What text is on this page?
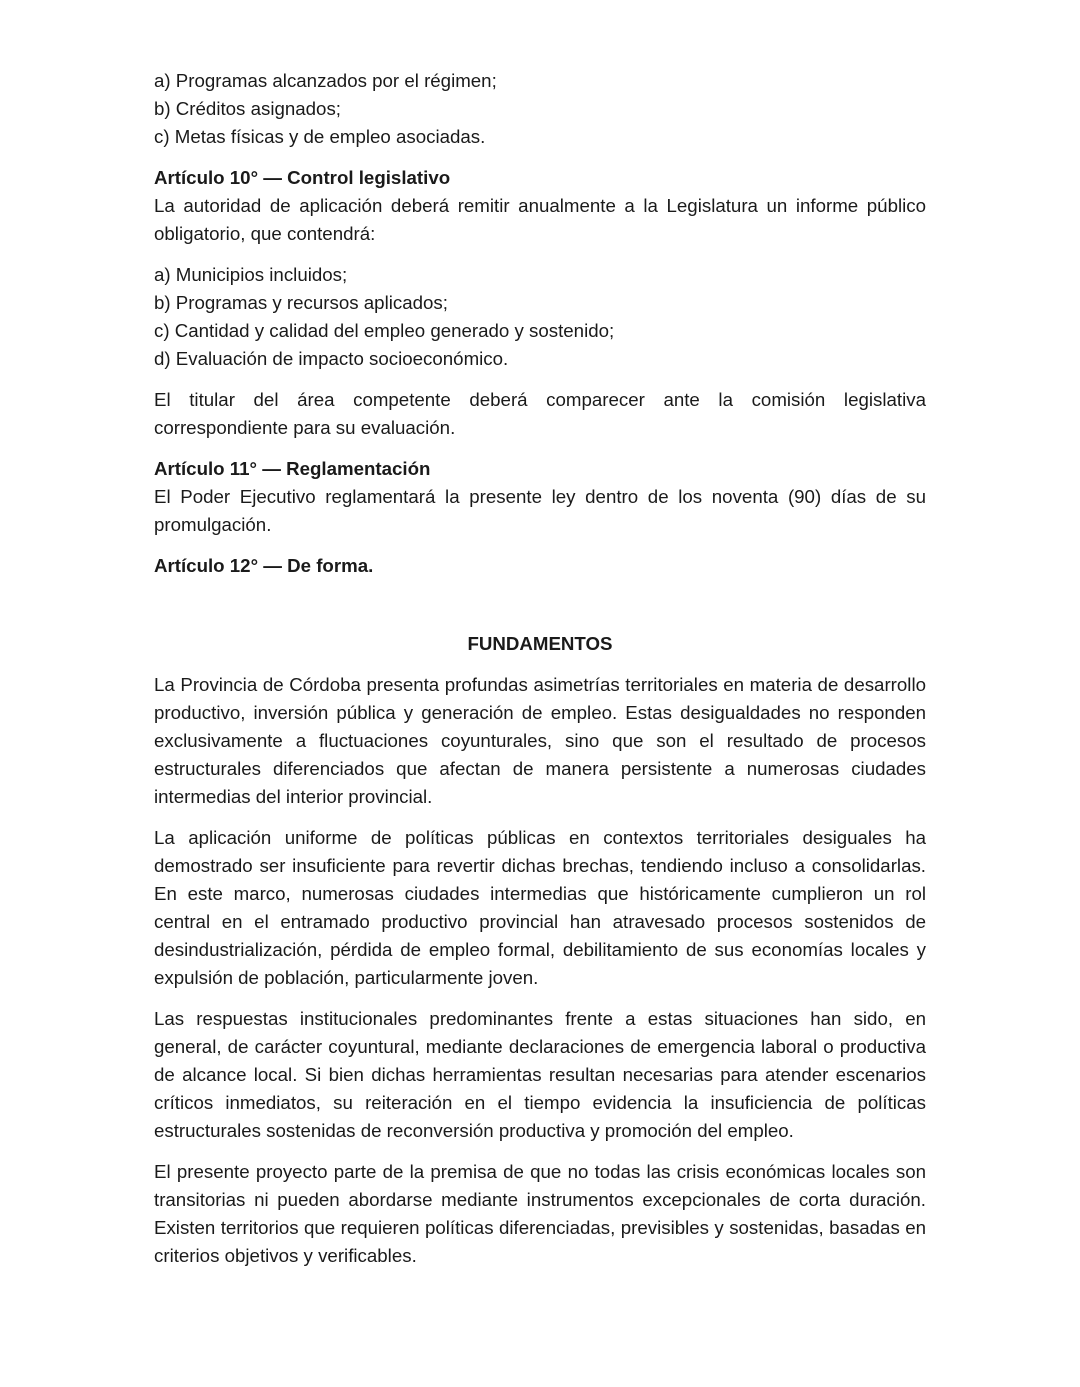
a) Programas alcanzados por el régimen;

b) Créditos asignados;

c) Metas físicas y de empleo asociadas.

Artículo 10° — Control legislativo

La autoridad de aplicación deberá remitir anualmente a la Legislatura un informe público obligatorio, que contendrá:

a) Municipios incluidos;

b) Programas y recursos aplicados;

c) Cantidad y calidad del empleo generado y sostenido;

d) Evaluación de impacto socioeconómico.

El titular del área competente deberá comparecer ante la comisión legislativa correspondiente para su evaluación.

Artículo 11° — Reglamentación

El Poder Ejecutivo reglamentará la presente ley dentro de los noventa (90) días de su promulgación.

Artículo 12° — De forma.

FUNDAMENTOS

La Provincia de Córdoba presenta profundas asimetrías territoriales en materia de desarrollo productivo, inversión pública y generación de empleo. Estas desigualdades no responden exclusivamente a fluctuaciones coyunturales, sino que son el resultado de procesos estructurales diferenciados que afectan de manera persistente a numerosas ciudades intermedias del interior provincial.

La aplicación uniforme de políticas públicas en contextos territoriales desiguales ha demostrado ser insuficiente para revertir dichas brechas, tendiendo incluso a consolidarlas. En este marco, numerosas ciudades intermedias que históricamente cumplieron un rol central en el entramado productivo provincial han atravesado procesos sostenidos de desindustrialización, pérdida de empleo formal, debilitamiento de sus economías locales y expulsión de población, particularmente joven.

Las respuestas institucionales predominantes frente a estas situaciones han sido, en general, de carácter coyuntural, mediante declaraciones de emergencia laboral o productiva de alcance local. Si bien dichas herramientas resultan necesarias para atender escenarios críticos inmediatos, su reiteración en el tiempo evidencia la insuficiencia de políticas estructurales sostenidas de reconversión productiva y promoción del empleo.

El presente proyecto parte de la premisa de que no todas las crisis económicas locales son transitorias ni pueden abordarse mediante instrumentos excepcionales de corta duración. Existen territorios que requieren políticas diferenciadas, previsibles y sostenidas, basadas en criterios objetivos y verificables.
